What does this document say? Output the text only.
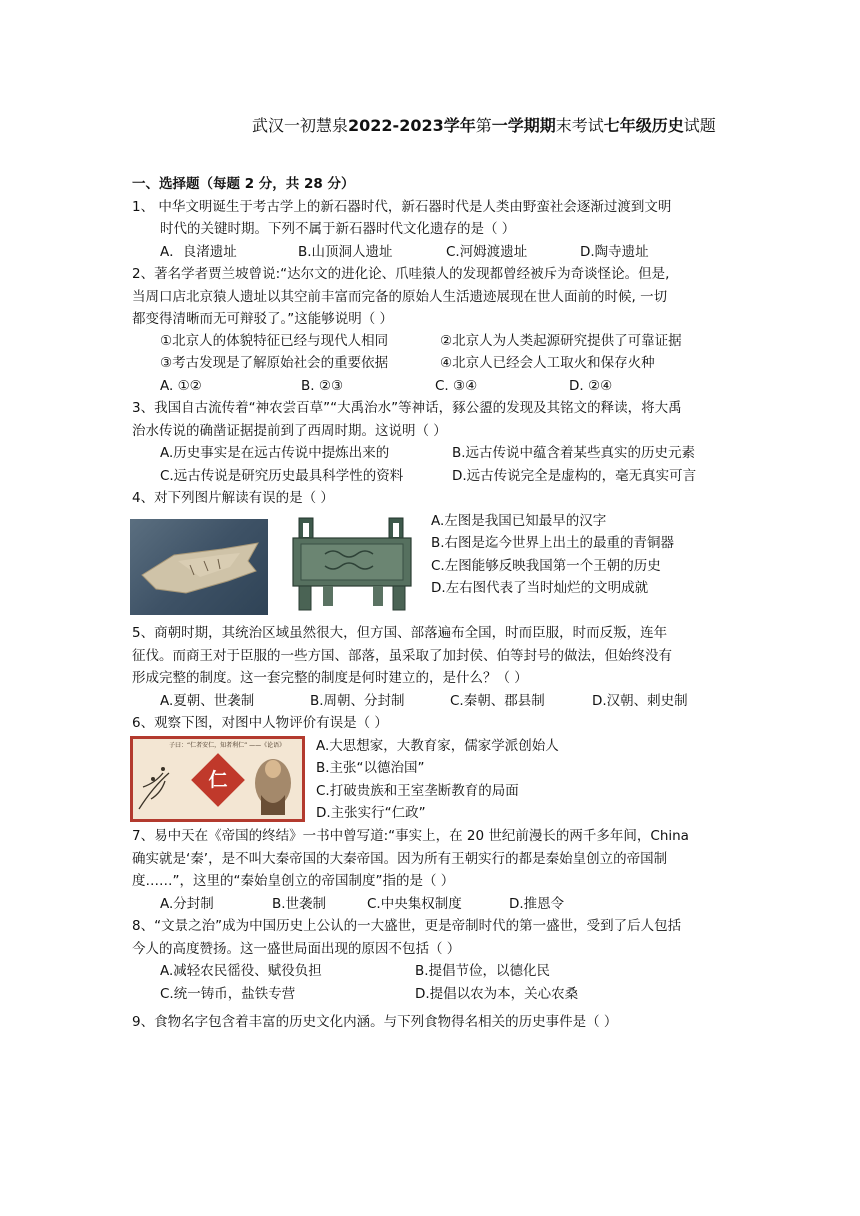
武汉一初慧泉2022-2023学年第一学期期末考试七年级历史试题
一、选择题（每题 2 分，共 28 分）
1、 中华文明诞生于考古学上的新石器时代，新石器时代是人类由野蛮社会逐渐过渡到文明
时代的关键时期。下列不属于新石器时代文化遗存的是（ ）
A．良渚遗址	B.山顶洞人遗址	C.河姆渡遗址	D.陶寺遗址
2、著名学者贾兰坡曾说:“达尔文的进化论、爪哇猿人的发现都曾经被斥为奇谈怪论。但是,
当周口店北京猿人遗址以其空前丰富而完备的原始人生活遗迹展现在世人面前的时候, 一切
都变得清晰而无可辩驳了。”这能够说明（ ）
①北京人的体貌特征已经与现代人相同	②北京人为人类起源研究提供了可靠证据
③考古发现是了解原始社会的重要依据	④北京人已经会人工取火和保存火种
A. ①②	B. ②③	C. ③④	D. ②④
3、我国自古流传着“神农尝百草”“大禹治水”等神话，豩公盨的发现及其铭文的释读，将大禹
治水传说的确凿证据提前到了西周时期。这说明（ ）
A.历史事实是在远古传说中提炼出来的	B.远古传说中蕴含着某些真实的历史元素
C.远古传说是研究历史最具科学性的资料	D.远古传说完全是虚构的，毫无真实可言
4、对下列图片解读有误的是（ ）
A.左图是我国已知最早的汉字
B.右图是迄今世界上出土的最重的青铜器
C.左图能够反映我国第一个王朝的历史
D.左右图代表了当时灿烂的文明成就
5、商朝时期，其统治区域虽然很大，但方国、部落遍布全国，时而臣服，时而反叛，连年
征伐。而商王对于臣服的一些方国、部落，虽采取了加封侯、伯等封号的做法，但始终没有
形成完整的制度。这一套完整的制度是何时建立的，是什么？（ ）
A.夏朝、世袭制	B.周朝、分封制	C.秦朝、郡县制	D.汉朝、刺史制
6、观察下图，对图中人物评价有误是（ ）
仁
子曰：“仁者安仁，知者利仁” ——《论语》 A.大思想家，大教育家，儒家学派创始人
B.主张“以德治国”
C.打破贵族和王室垄断教育的局面
D.主张实行“仁政”
7、易中天在《帝国的终结》一书中曾写道:“事实上，在 20 世纪前漫长的两千多年间，China
确实就是‘秦’，是不叫大秦帝国的大秦帝国。因为所有王朝实行的都是秦始皇创立的帝国制
度……”，这里的“秦始皇创立的帝国制度”指的是（ ）
A.分封制	B.世袭制	C.中央集权制度	D.推恩令
8、“文景之治”成为中国历史上公认的一大盛世，更是帝制时代的第一盛世，受到了后人包括
今人的高度赞扬。这一盛世局面出现的原因不包括（ ）
A.减轻农民徭役、赋役负担	B.提倡节俭，以德化民
C.统一铸币，盐铁专营	D.提倡以农为本，关心农桑
9、食物名字包含着丰富的历史文化内涵。与下列食物得名相关的历史事件是（ ）
